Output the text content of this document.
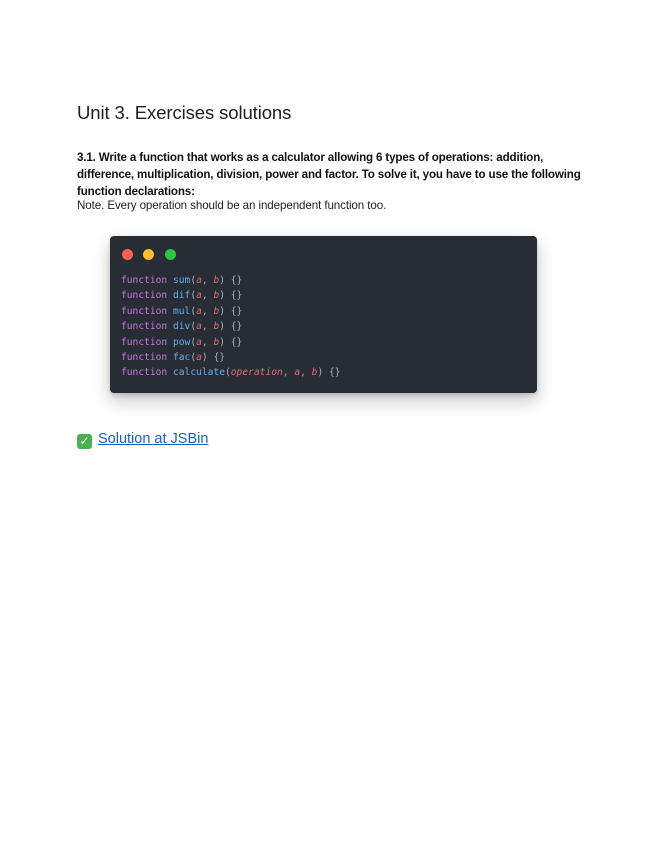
Unit 3. Exercises solutions

3.1. Write a function that works as a calculator allowing 6 types of operations: addition, difference, multiplication, division, power and factor. To solve it, you have to use the following function declarations:

Note. Every operation should be an independent function too.

function sum(a, b) {}
function dif(a, b) {}
function mul(a, b) {}
function div(a, b) {}
function pow(a, b) {}
function fac(a) {}
function calculate(operation, a, b) {}

✓ Solution at JSBin
